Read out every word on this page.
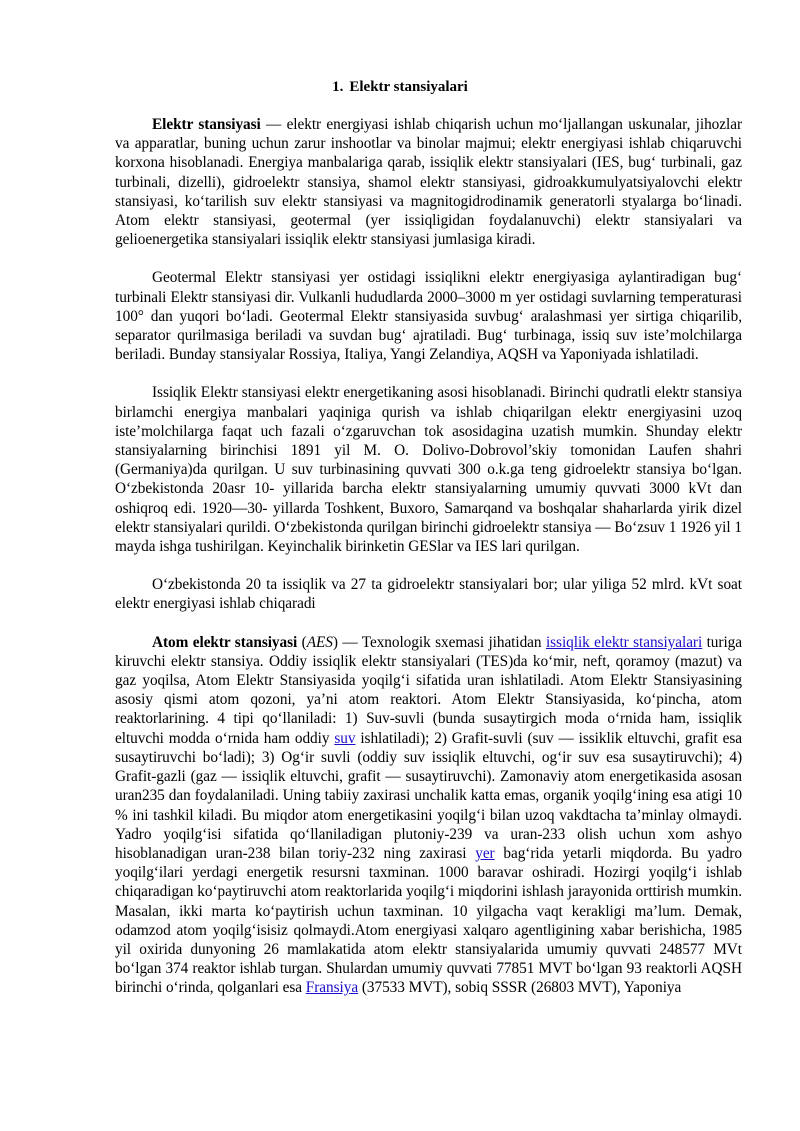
1. Elektr stansiyalari

Elektr stansiyasi — elektr energiyasi ishlab chiqarish uchun mo‘ljallangan uskunalar, jihozlar va apparatlar, buning uchun zarur inshootlar va binolar majmui; elektr energiyasi ishlab chiqaruvchi korxona hisoblanadi. Energiya manbalariga qarab, issiqlik elektr stansiyalari (IES, bug‘ turbinali, gaz turbinali, dizelli), gidroelektr stansiya, shamol elektr stansiyasi, gidroakkumulyatsiyalovchi elektr stansiyasi, ko‘tarilish suv elektr stansiyasi va magnitogidrodinamik generatorli styalarga bo‘linadi. Atom elektr stansiyasi, geotermal (yer issiqligidan foydalanuvchi) elektr stansiyalari va gelioenergetika stansiyalari issiqlik elektr stansiyasi jumlasiga kiradi.

Geotermal Elektr stansiyasi yer ostidagi issiqlikni elektr energiyasiga aylantiradigan bug‘ turbinali Elektr stansiyasi dir. Vulkanli hududlarda 2000–3000 m yer ostidagi suvlarning temperaturasi 100° dan yuqori bo‘ladi. Geotermal Elektr stansiyasida suvbug‘ aralashmasi yer sirtiga chiqarilib, separator qurilmasiga beriladi va suvdan bug‘ ajratiladi. Bug‘ turbinaga, issiq suv iste’molchilarga beriladi. Bunday stansiyalar Rossiya, Italiya, Yangi Zelandiya, AQSH va Yaponiyada ishlatiladi.

Issiqlik Elektr stansiyasi elektr energetikaning asosi hisoblanadi. Birinchi qudratli elektr stansiya birlamchi energiya manbalari yaqiniga qurish va ishlab chiqarilgan elektr energiyasini uzoq iste’molchilarga faqat uch fazali o‘zgaruvchan tok asosidagina uzatish mumkin. Shunday elektr stansiyalarning birinchisi 1891 yil M. O. Dolivo-Dobrovol’skiy tomonidan Laufen shahri (Germaniya)da qurilgan. U suv turbinasining quvvati 300 o.k.ga teng gidroelektr stansiya bo‘lgan. O‘zbekistonda 20asr 10- yillarida barcha elektr stansiyalarning umumiy quvvati 3000 kVt dan oshiqroq edi. 1920—30- yillarda Toshkent, Buxoro, Samarqand va boshqalar shaharlarda yirik dizel elektr stansiyalari qurildi. O‘zbekistonda qurilgan birinchi gidroelektr stansiya — Bo‘zsuv 1 1926 yil 1 mayda ishga tushirilgan. Keyinchalik birinketin GESlar va IES lari qurilgan.

O‘zbekistonda 20 ta issiqlik va 27 ta gidroelektr stansiyalari bor; ular yiliga 52 mlrd. kVt soat elektr energiyasi ishlab chiqaradi

Atom elektr stansiyasi (AES) — Texnologik sxemasi jihatidan issiqlik elektr stansiyalari turiga kiruvchi elektr stansiya. Oddiy issiqlik elektr stansiyalari (TES)da ko‘mir, neft, qoramoy (mazut) va gaz yoqilsa, Atom Elektr Stansiyasida yoqilg‘i sifatida uran ishlatiladi. Atom Elektr Stansiyasining asosiy qismi atom qozoni, ya’ni atom reaktori. Atom Elektr Stansiyasida, ko‘pincha, atom reaktorlarining. 4 tipi qo‘llaniladi: 1) Suv-suvli (bunda susaytirgich moda o‘rnida ham, issiqlik eltuvchi modda o‘rnida ham oddiy suv ishlatiladi); 2) Grafit-suvli (suv — issiklik eltuvchi, grafit esa susaytiruvchi bo‘ladi); 3) Og‘ir suvli (oddiy suv issiqlik eltuvchi, og‘ir suv esa susaytiruvchi); 4) Grafit-gazli (gaz — issiqlik eltuvchi, grafit — susaytiruvchi). Zamonaviy atom energetikasida asosan uran235 dan foydalaniladi. Uning tabiiy zaxirasi unchalik katta emas, organik yoqilg‘ining esa atigi 10 % ini tashkil kiladi. Bu miqdor atom energetikasini yoqilg‘i bilan uzoq vakdtacha ta’minlay olmaydi. Yadro yoqilg‘isi sifatida qo‘llaniladigan plutoniy-239 va uran-233 olish uchun xom ashyo hisoblanadigan uran-238 bilan toriy-232 ning zaxirasi yer bag‘rida yetarli miqdorda. Bu yadro yoqilg‘ilari yerdagi energetik resursni taxminan. 1000 baravar oshiradi. Hozirgi yoqilg‘i ishlab chiqaradigan ko‘paytiruvchi atom reaktorlarida yoqilg‘i miqdorini ishlash jarayonida orttirish mumkin. Masalan, ikki marta ko‘paytirish uchun taxminan. 10 yilgacha vaqt kerakligi ma’lum. Demak, odamzod atom yoqilg‘isisiz qolmaydi.Atom energiyasi xalqaro agentligining xabar berishicha, 1985 yil oxirida dunyoning 26 mamlakatida atom elektr stansiyalarida umumiy quvvati 248577 MVt bo‘lgan 374 reaktor ishlab turgan. Shulardan umumiy quvvati 77851 MVT bo‘lgan 93 reaktorli AQSH birinchi o‘rinda, qolganlari esa Fransiya (37533 MVT), sobiq SSSR (26803 MVT), Yaponiya
